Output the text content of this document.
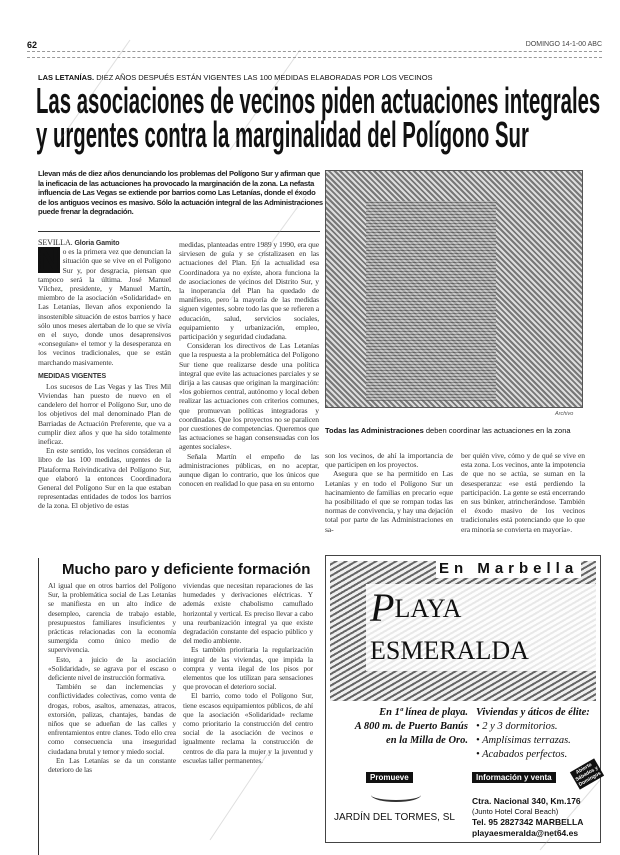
62	DOMINGO 14-1-00 ABC
LAS LETANÍAS. DIEZ AÑOS DESPUÉS ESTÁN VIGENTES LAS 100 MEDIDAS ELABORADAS POR LOS VECINOS
Las asociaciones de vecinos piden actuaciones integrales
y urgentes contra la marginalidad del Polígono Sur
Llevan más de diez años denunciando los problemas del Polígono Sur y afirman que la ineficacia de las actuaciones ha provocado la marginación de la zona. La nefasta influencia de Las Vegas se extiende por barrios como Las Letanías, donde el éxodo de los antiguos vecinos es masivo. Sólo la actuación integral de las Administraciones puede frenar la degradación.
SEVILLA. Gloria Gamito

N o es la primera vez que denuncian la situación que se vive en el Polígono Sur y, por desgracia, piensan que tampoco será la última. José Manuel Vílchez, presidente, y Manuel Martín, miembro de la asociación «Solidaridad» en Las Letanías, llevan años exponiendo la insostenible situación de estos barrios y hace sólo unos meses alertaban de lo que se vivía en el suyo, donde unos desaprensivos «conseguían» el temor y la desesperanza en los vecinos tradicionales, que se están marchando masivamente.

MEDIDAS VIGENTES

Los sucesos de Las Vegas y las Tres Mil Viviendas han puesto de nuevo en el candelero del horror el Polígono Sur, uno de los objetivos del mal denominado Plan de Barriadas de Actuación Preferente, que va a cumplir diez años y que ha sido totalmente ineficaz.

En este sentido, los vecinos consideran el libro de las 100 medidas, urgentes de la Plataforma Reivindicativa del Polígono Sur, que elaboró la entonces Coordinadora General del Polígono Sur en la que estaban representadas entidades de todos los barrios de la zona. El objetivo de estas

medidas, planteadas entre 1989 y 1990, era que sirviesen de guía y se cristalizasen en las actuaciones del Plan. En la actualidad esa Coordinadora ya no existe, ahora funciona la de asociaciones de vecinos del Distrito Sur, y la inoperancia del Plan ha quedado de manifiesto, pero la mayoría de las medidas siguen vigentes, sobre todo las que se refieren a educación, salud, servicios sociales, equipamiento y urbanización, empleo, participación y seguridad ciudadana.

Consideran los directivos de Las Letanías que la respuesta a la problemática del Polígono Sur tiene que realizarse desde una política integral que evite las actuaciones parciales y se dirija a las causas que originan la marginación: «los gobiernos central, autónomo y local deben realizar las actuaciones con criterios comunes, que promuevan políticas integradoras y coordinadas. Que los proyectos no se paralicen por cuestiones de competencias. Queremos que las actuaciones se hagan consensuadas con los agentes sociales».

Señala Martín el empeño de las administraciones públicas, en no aceptar, aunque digan lo contrario, que los únicos que conocen en realidad lo que pasa en su entorno

Archivo
Todas las Administraciones deben coordinar las actuaciones en la zona

son los vecinos, de ahí la importancia de que participen en los proyectos.

Asegura que se ha permitido en Las Letanías y en todo el Polígono Sur un hacinamiento de familias en precario «que ha posibilitado el que se rompan todas las normas de convivencia, y hay una dejación total por parte de las Administraciones en sa-

ber quién vive, cómo y de qué se vive en esta zona. Los vecinos, ante la impotencia de que no se actúa, se suman en la desesperanza: «se está perdiendo la participación. La gente se está encerrando en sus búnker, atrincherándose. También el éxodo masivo de los vecinos tradicionales está potenciando que lo que era minoría se convierta en mayoría».

Mucho paro y deficiente formación

Al igual que en otros barrios del Polígono Sur, la problemática social de Las Letanías se manifiesta en un alto índice de desempleo, carencia de trabajo estable, presupuestos familiares insuficientes y prácticas relacionadas con la economía sumergida como único medio de supervivencia.

Esto, a juicio de la asociación «Solidaridad», se agrava por el escaso o deficiente nivel de instrucción formativa.

También se dan inclemencias y conflictividades colectivas, como venta de drogas, robos, asaltos, amenazas, atracos, extorsión, palizas, chantajes, bandas de niños que se adueñan de las calles y enfrentamientos entre clanes. Todo ello crea como consecuencia una inseguridad ciudadana brutal y temor y miedo social.

En Las Letanías se da un constante deterioro de las

viviendas que necesitan reparaciones de las humedades y derivaciones eléctricas. Y además existe chabolismo camuflado horizontal y vertical. Es preciso llevar a cabo una reurbanización integral ya que existe degradación constante del espacio público y del medio ambiente.

Es también prioritaria la regularización integral de las viviendas, que impida la compra y venta ilegal de los pisos por elementos que los utilizan para sensaciones que provocan el deterioro social.

El barrio, como todo el Polígono Sur, tiene escasos equipamientos públicos, de ahí que la asociación «Solidaridad» reclame como prioritario la construcción del centro social de la asociación de vecinos e igualmente reclama la construcción de centros de día para la mujer y la juventud y escuelas taller permanentes.

En Marbella
PLAYA ESMERALDA
En 1ª línea de playa.
A 800 m. de Puerto Banús
en la Milla de Oro.
Viviendas y áticos de élite:
• 2 y 3 dormitorios.
• Amplísimas terrazas.
• Acabados perfectos.
Abierto Sábados y Domingos
Promueve	Información y venta
JARDÍN DEL TORMES, SL
Ctra. Nacional 340, Km.176
(Junto Hotel Coral Beach)
Tel. 95 2827342 MARBELLA
playaesmeralda@net64.es
